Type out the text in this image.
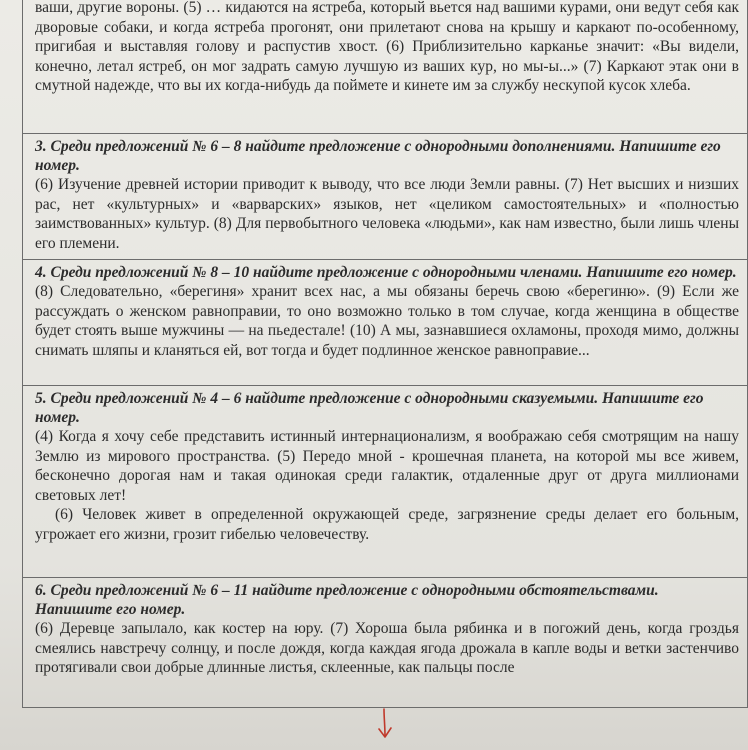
ваши, другие вороны. (5) … кидаются на ястреба, который вьется над вашими курами, они ведут себя как дворовые собаки, и когда ястреба прогонят, они прилетают снова на крышу и каркают по-особенному, пригибая и выставляя голову и распустив хвост. (6) Приблизительно карканье значит: «Вы видели, конечно, летал ястреб, он мог задрать самую лучшую из ваших кур, но мы-ы...» (7) Каркают этак они в смутной надежде, что вы их когда-нибудь да поймете и кинете им за службу нескупой кусок хлеба.

3. Среди предложений № 6 – 8 найдите предложение с однородными дополнениями. Напишите его номер.

(6) Изучение древней истории приводит к выводу, что все люди Земли равны. (7) Нет высших и низших рас, нет «культурных» и «варварских» языков, нет «целиком самостоятельных» и «полностью заимствованных» культур. (8) Для первобытного человека «людьми», как нам известно, были лишь члены его племени.

4. Среди предложений № 8 – 10 найдите предложение с однородными членами. Напишите его номер.

(8) Следовательно, «берегиня» хранит всех нас, а мы обязаны беречь свою «берегиню». (9) Если же рассуждать о женском равноправии, то оно возможно только в том случае, когда женщина в обществе будет стоять выше мужчины — на пьедестале! (10) А мы, зазнавшиеся охламоны, проходя мимо, должны снимать шляпы и кланяться ей, вот тогда и будет подлинное женское равноправие...

5. Среди предложений № 4 – 6 найдите предложение с однородными сказуемыми. Напишите его номер.

(4) Когда я хочу себе представить истинный интернационализм, я воображаю себя смотрящим на нашу Землю из мирового пространства. (5) Передо мной - крошечная планета, на которой мы все живем, бесконечно дорогая нам и такая одинокая среди галактик, отдаленные друг от друга миллионами световых лет!

(6) Человек живет в определенной окружающей среде, загрязнение среды делает его больным, угрожает его жизни, грозит гибелью человечеству.

6. Среди предложений № 6 – 11 найдите предложение с однородными обстоятельствами. Напишите его номер.

(6) Деревце запылало, как костер на юру. (7) Хороша была рябинка и в погожий день, когда гроздья смеялись навстречу солнцу, и после дождя, когда каждая ягода дрожала в капле воды и ветки застенчиво протягивали свои добрые длинные листья, склеенные, как пальцы после
